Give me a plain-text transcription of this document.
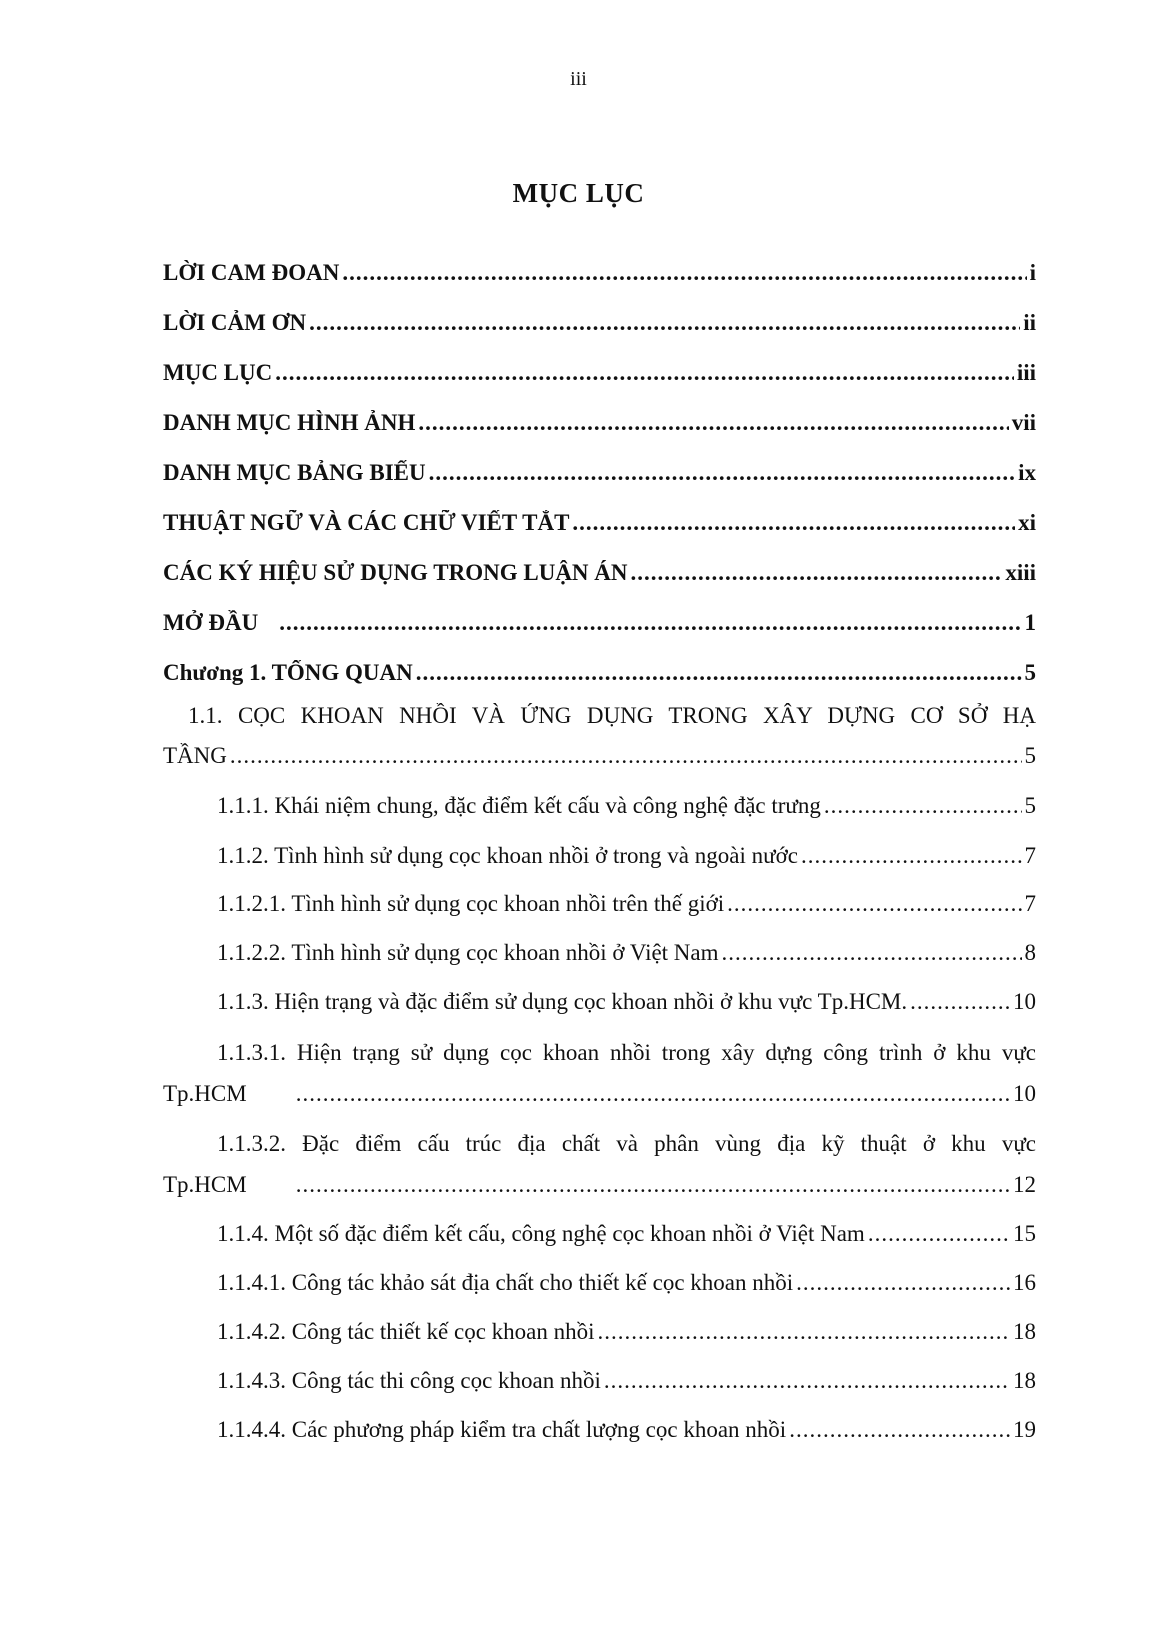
iii
MỤC LỤC
LỜI CAM ĐOAN .....	i
LỜI CẢM ƠN .....	ii
MỤC LỤC .....	iii
DANH MỤC HÌNH ẢNH .....	vii
DANH MỤC BẢNG BIỂU .....	ix
THUẬT NGỮ VÀ CÁC CHỮ VIẾT TẮT .....	xi
CÁC KÝ HIỆU SỬ DỤNG TRONG LUẬN ÁN .....	xiii
MỞ ĐẦU .....	1
Chương 1. TỔNG QUAN .....	5
1.1. CỌC KHOAN NHỒI VÀ ỨNG DỤNG TRONG XÂY DỰNG CƠ SỞ HẠ
TẦNG .....	5
1.1.1. Khái niệm chung, đặc điểm kết cấu và công nghệ đặc trưng .....	5
1.1.2. Tình hình sử dụng cọc khoan nhồi ở trong và ngoài nước .....	7
1.1.2.1. Tình hình sử dụng cọc khoan nhồi trên thế giới .....	7
1.1.2.2. Tình hình sử dụng cọc khoan nhồi ở Việt Nam .....	8
1.1.3. Hiện trạng và đặc điểm sử dụng cọc khoan nhồi ở khu vực Tp.HCM. .....	10
1.1.3.1. Hiện trạng sử dụng cọc khoan nhồi trong xây dựng công trình ở khu vực
Tp.HCM .....	10
1.1.3.2. Đặc điểm cấu trúc địa chất và phân vùng địa kỹ thuật ở khu vực
Tp.HCM .....	12
1.1.4. Một số đặc điểm kết cấu, công nghệ cọc khoan nhồi ở Việt Nam .....	15
1.1.4.1. Công tác khảo sát địa chất cho thiết kế cọc khoan nhồi .....	16
1.1.4.2. Công tác thiết kế cọc khoan nhồi .....	18
1.1.4.3. Công tác thi công cọc khoan nhồi .....	18
1.1.4.4. Các phương pháp kiểm tra chất lượng cọc khoan nhồi .....	19
